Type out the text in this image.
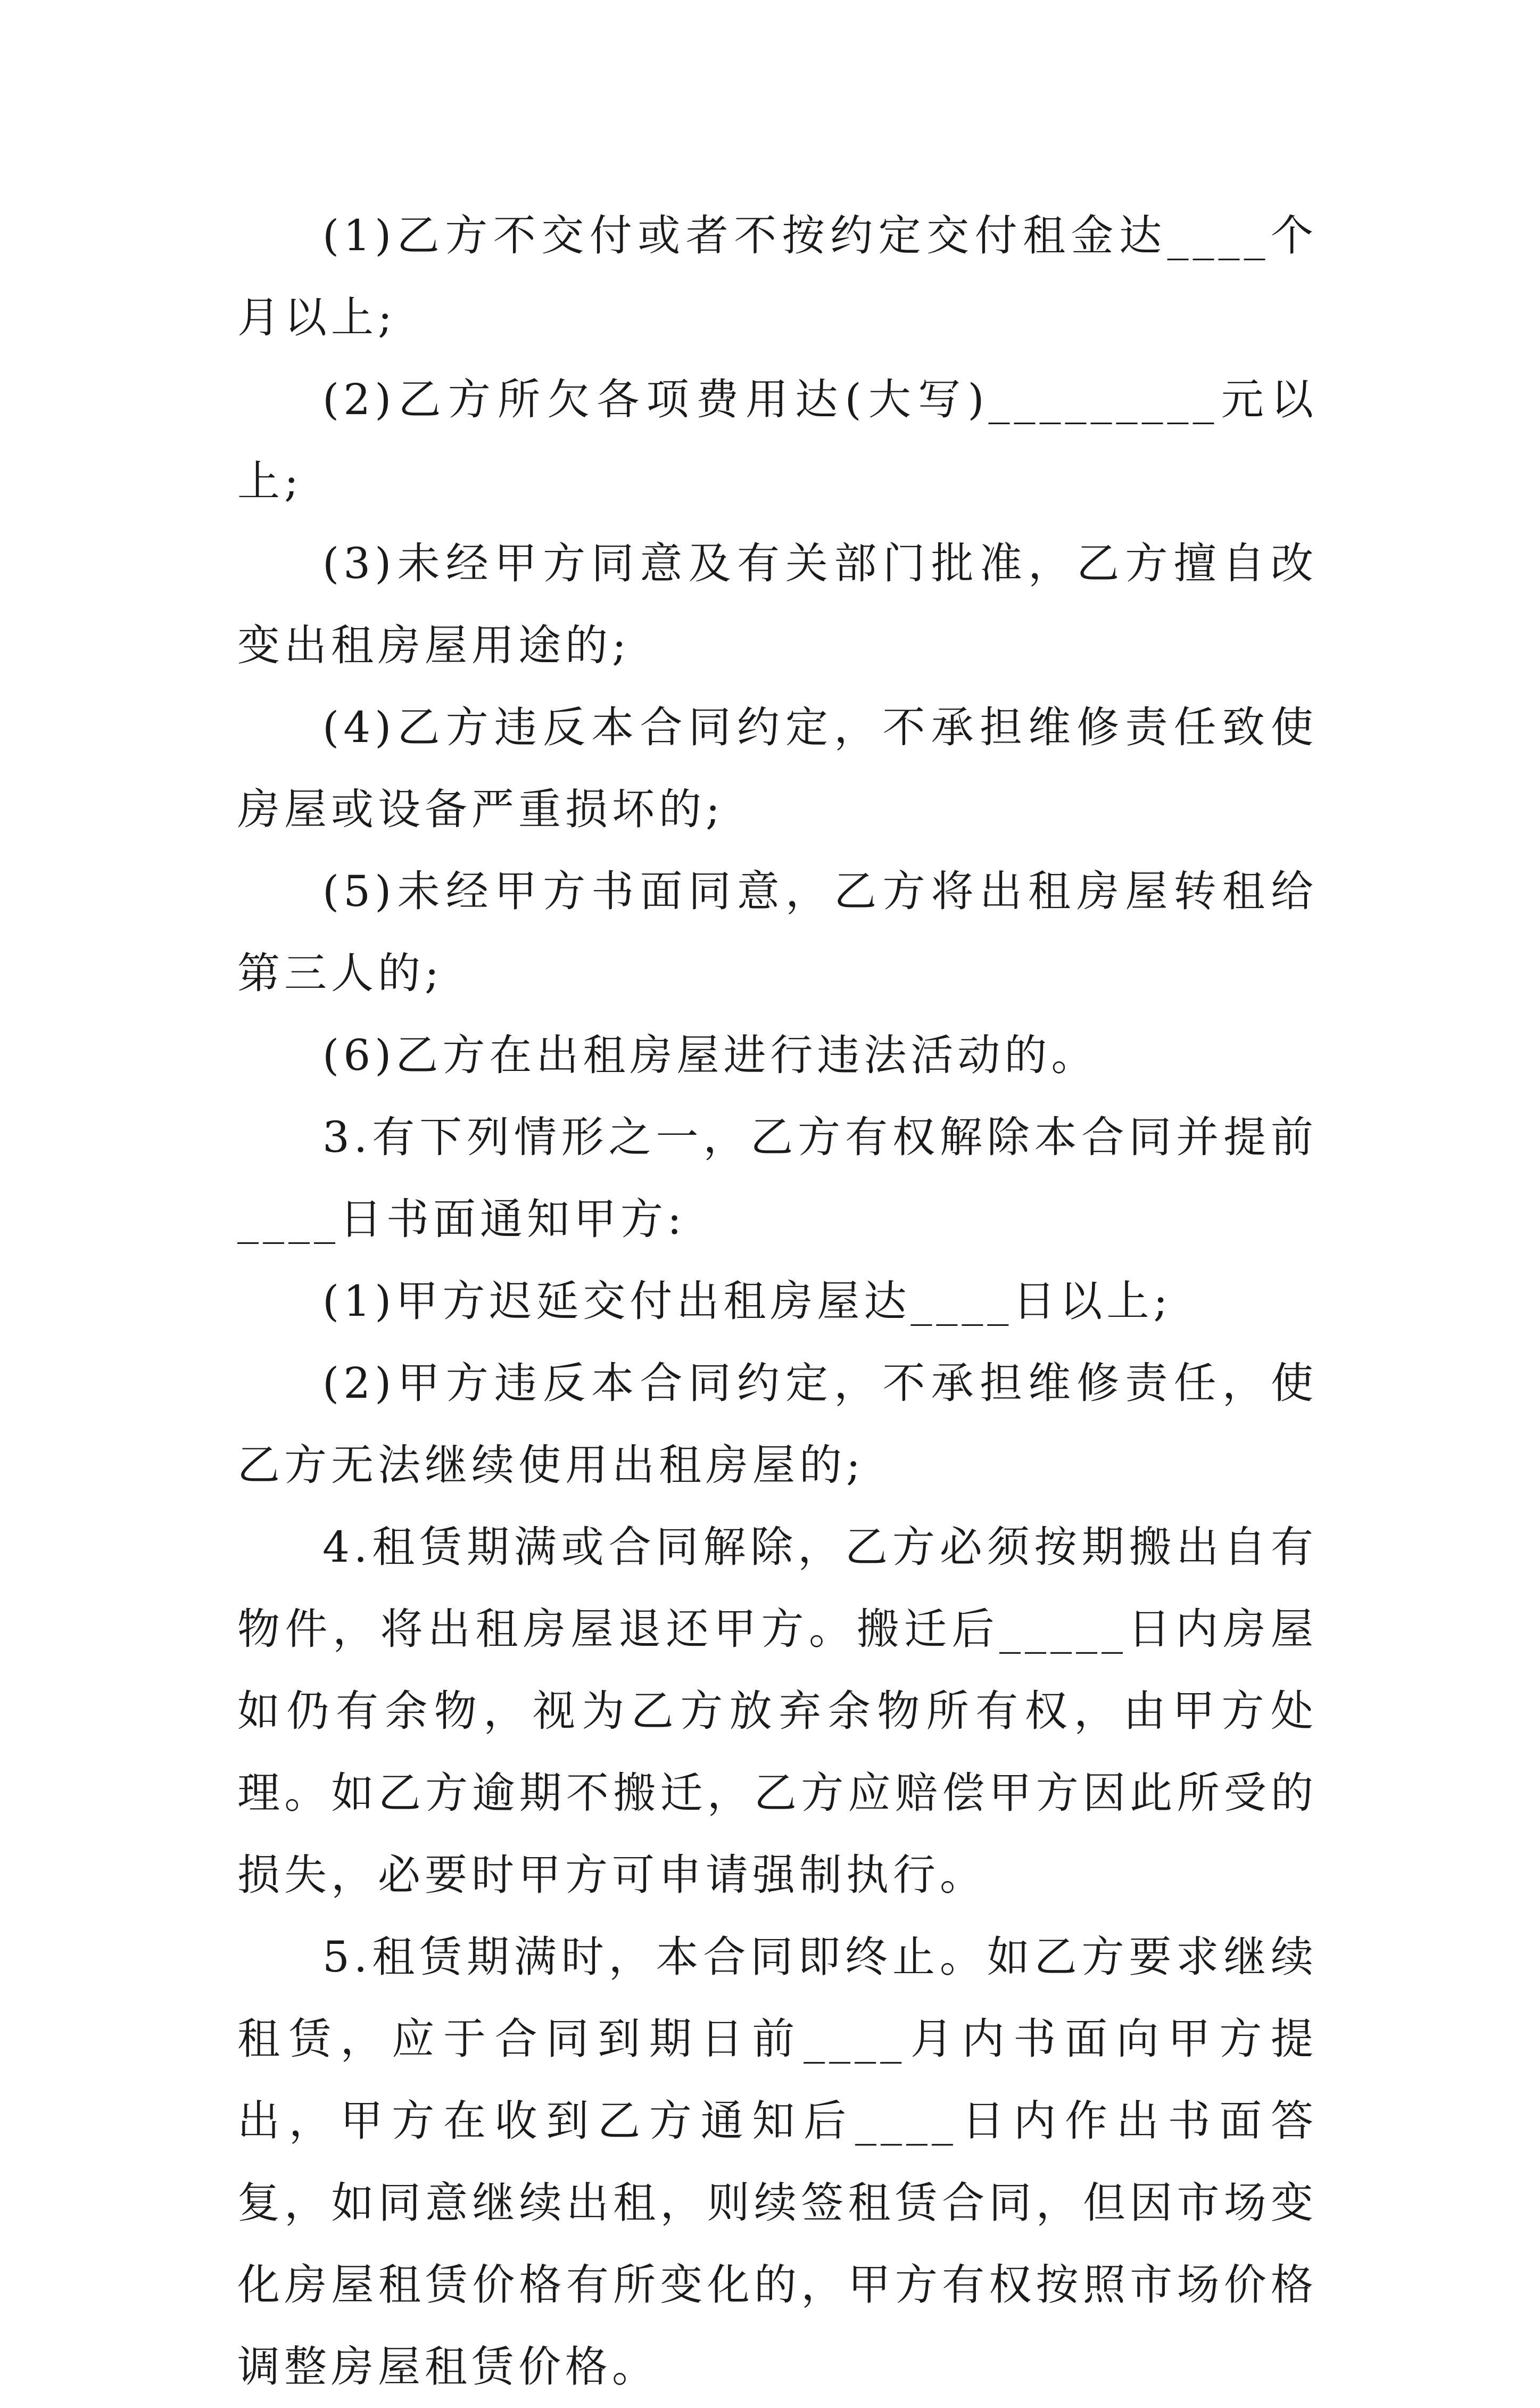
(1)乙方不交付或者不按约定交付租金达____个月以上;

(2)乙方所欠各项费用达(大写)_________元以上;

(3)未经甲方同意及有关部门批准，乙方擅自改变出租房屋用途的;

(4)乙方违反本合同约定，不承担维修责任致使房屋或设备严重损坏的;

(5)未经甲方书面同意，乙方将出租房屋转租给第三人的;

(6)乙方在出租房屋进行违法活动的。

3.有下列情形之一，乙方有权解除本合同并提前____日书面通知甲方:

(1)甲方迟延交付出租房屋达____日以上;

(2)甲方违反本合同约定，不承担维修责任，使乙方无法继续使用出租房屋的;

4.租赁期满或合同解除，乙方必须按期搬出自有物件，将出租房屋退还甲方。搬迁后_____日内房屋如仍有余物，视为乙方放弃余物所有权，由甲方处理。如乙方逾期不搬迁，乙方应赔偿甲方因此所受的损失，必要时甲方可申请强制执行。

5.租赁期满时，本合同即终止。如乙方要求继续租赁，应于合同到期日前____月内书面向甲方提出，甲方在收到乙方通知后____日内作出书面答复，如同意继续出租，则续签租赁合同，但因市场变化房屋租赁价格有所变化的，甲方有权按照市场价格调整房屋租赁价格。
